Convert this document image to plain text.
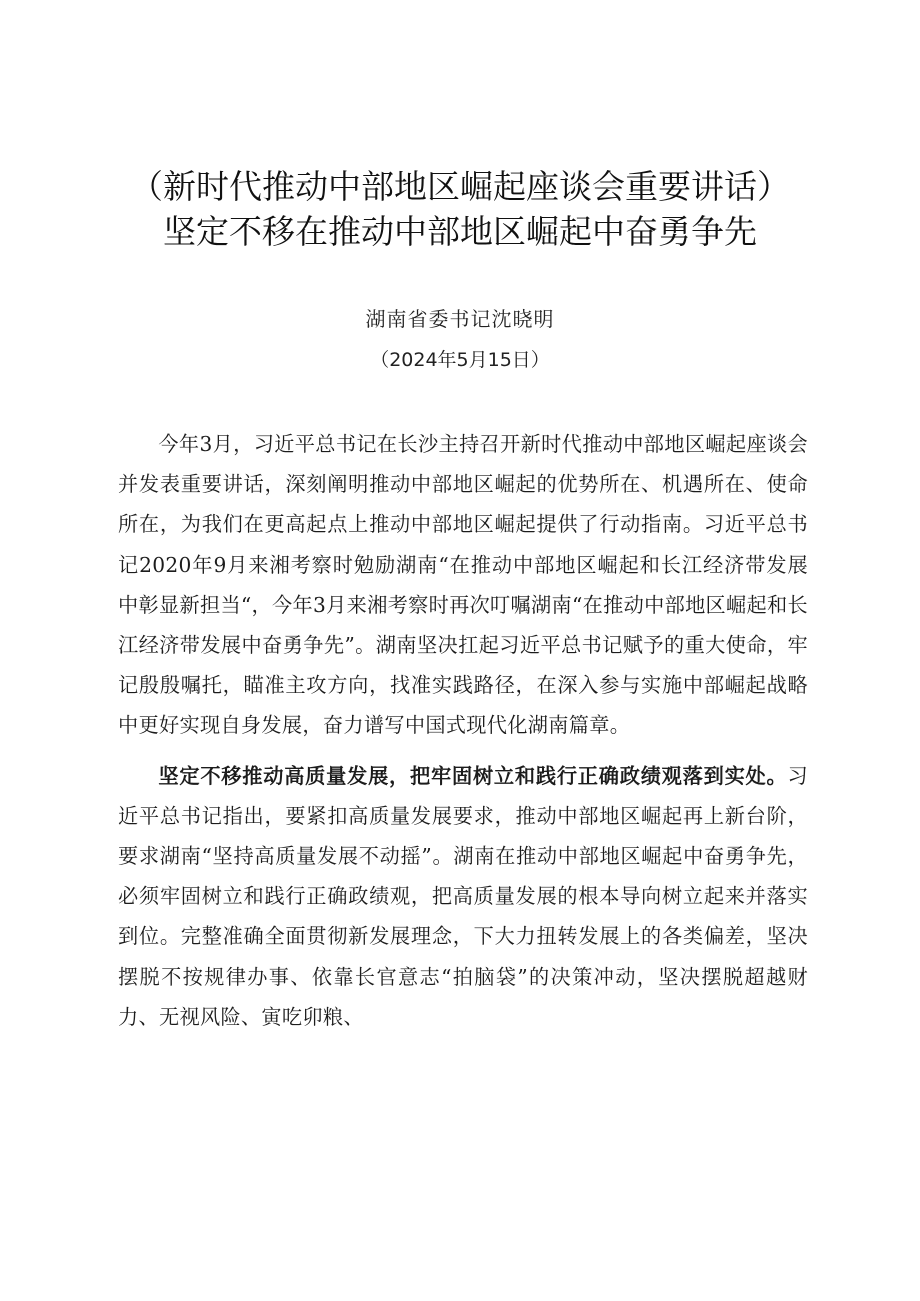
（新时代推动中部地区崛起座谈会重要讲话）
坚定不移在推动中部地区崛起中奋勇争先
湖南省委书记沈晓明
（2024年5月15日）

今年3月，习近平总书记在长沙主持召开新时代推动中部地区崛起座谈会并发表重要讲话，深刻阐明推动中部地区崛起的优势所在、机遇所在、使命所在，为我们在更高起点上推动中部地区崛起提供了行动指南。习近平总书记2020年9月来湘考察时勉励湖南“在推动中部地区崛起和长江经济带发展中彰显新担当“，今年3月来湘考察时再次叮嘱湖南“在推动中部地区崛起和长江经济带发展中奋勇争先”。湖南坚决扛起习近平总书记赋予的重大使命，牢记殷殷嘱托，瞄准主攻方向，找准实践路径，在深入参与实施中部崛起战略中更好实现自身发展，奋力谱写中国式现代化湖南篇章。

坚定不移推动高质量发展，把牢固树立和践行正确政绩观落到实处。习近平总书记指出，要紧扣高质量发展要求，推动中部地区崛起再上新台阶，要求湖南“坚持高质量发展不动摇”。湖南在推动中部地区崛起中奋勇争先，必须牢固树立和践行正确政绩观，把高质量发展的根本导向树立起来并落实到位。完整准确全面贯彻新发展理念，下大力扭转发展上的各类偏差，坚决摆脱不按规律办事、依靠长官意志“拍脑袋”的决策冲动，坚决摆脱超越财力、无视风险、寅吃卯粮、
